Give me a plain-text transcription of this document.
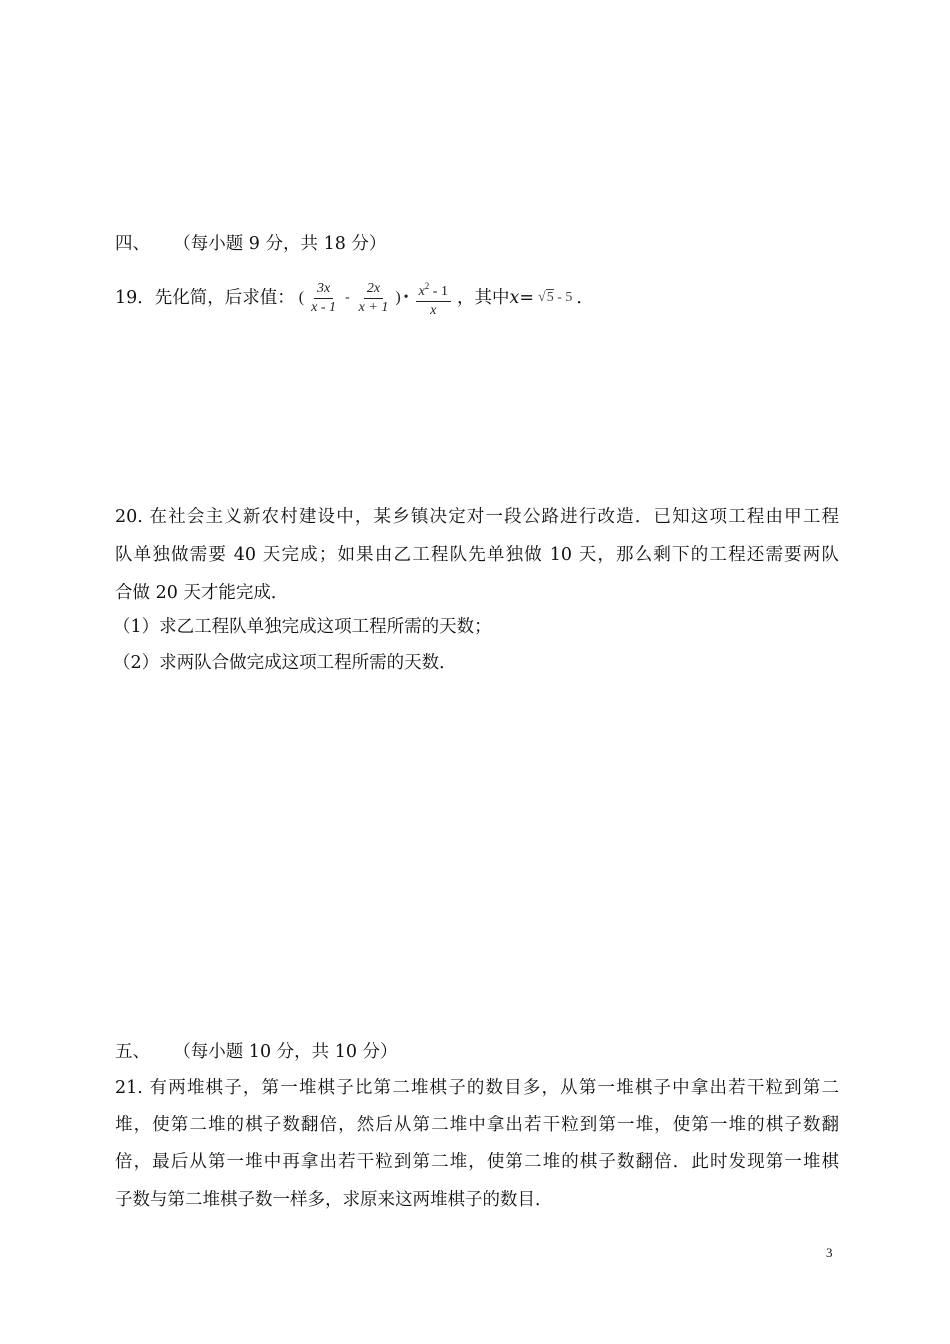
四、 （每小题 9 分，共 18 分）
19．先化简，后求值： ( $\frac{3x}{x - 1} - \frac{2x}{x + 1}$ ) • $\frac{x^2 - 1}{x}$ ，其中 x = √5 - 5 ．
20. 在社会主义新农村建设中，某乡镇决定对一段公路进行改造．已知这项工程由甲工程
队单独做需要 40 天完成；如果由乙工程队先单独做 10 天，那么剩下的工程还需要两队
合做 20 天才能完成．
（1）求乙工程队单独完成这项工程所需的天数；
（2）求两队合做完成这项工程所需的天数．
五、 （每小题 10 分，共 10 分）
21. 有两堆棋子，第一堆棋子比第二堆棋子的数目多，从第一堆棋子中拿出若干粒到第二
堆，使第二堆的棋子数翻倍，然后从第二堆中拿出若干粒到第一堆，使第一堆的棋子数翻
倍，最后从第一堆中再拿出若干粒到第二堆，使第二堆的棋子数翻倍．此时发现第一堆棋
子数与第二堆棋子数一样多，求原来这两堆棋子的数目．
3
